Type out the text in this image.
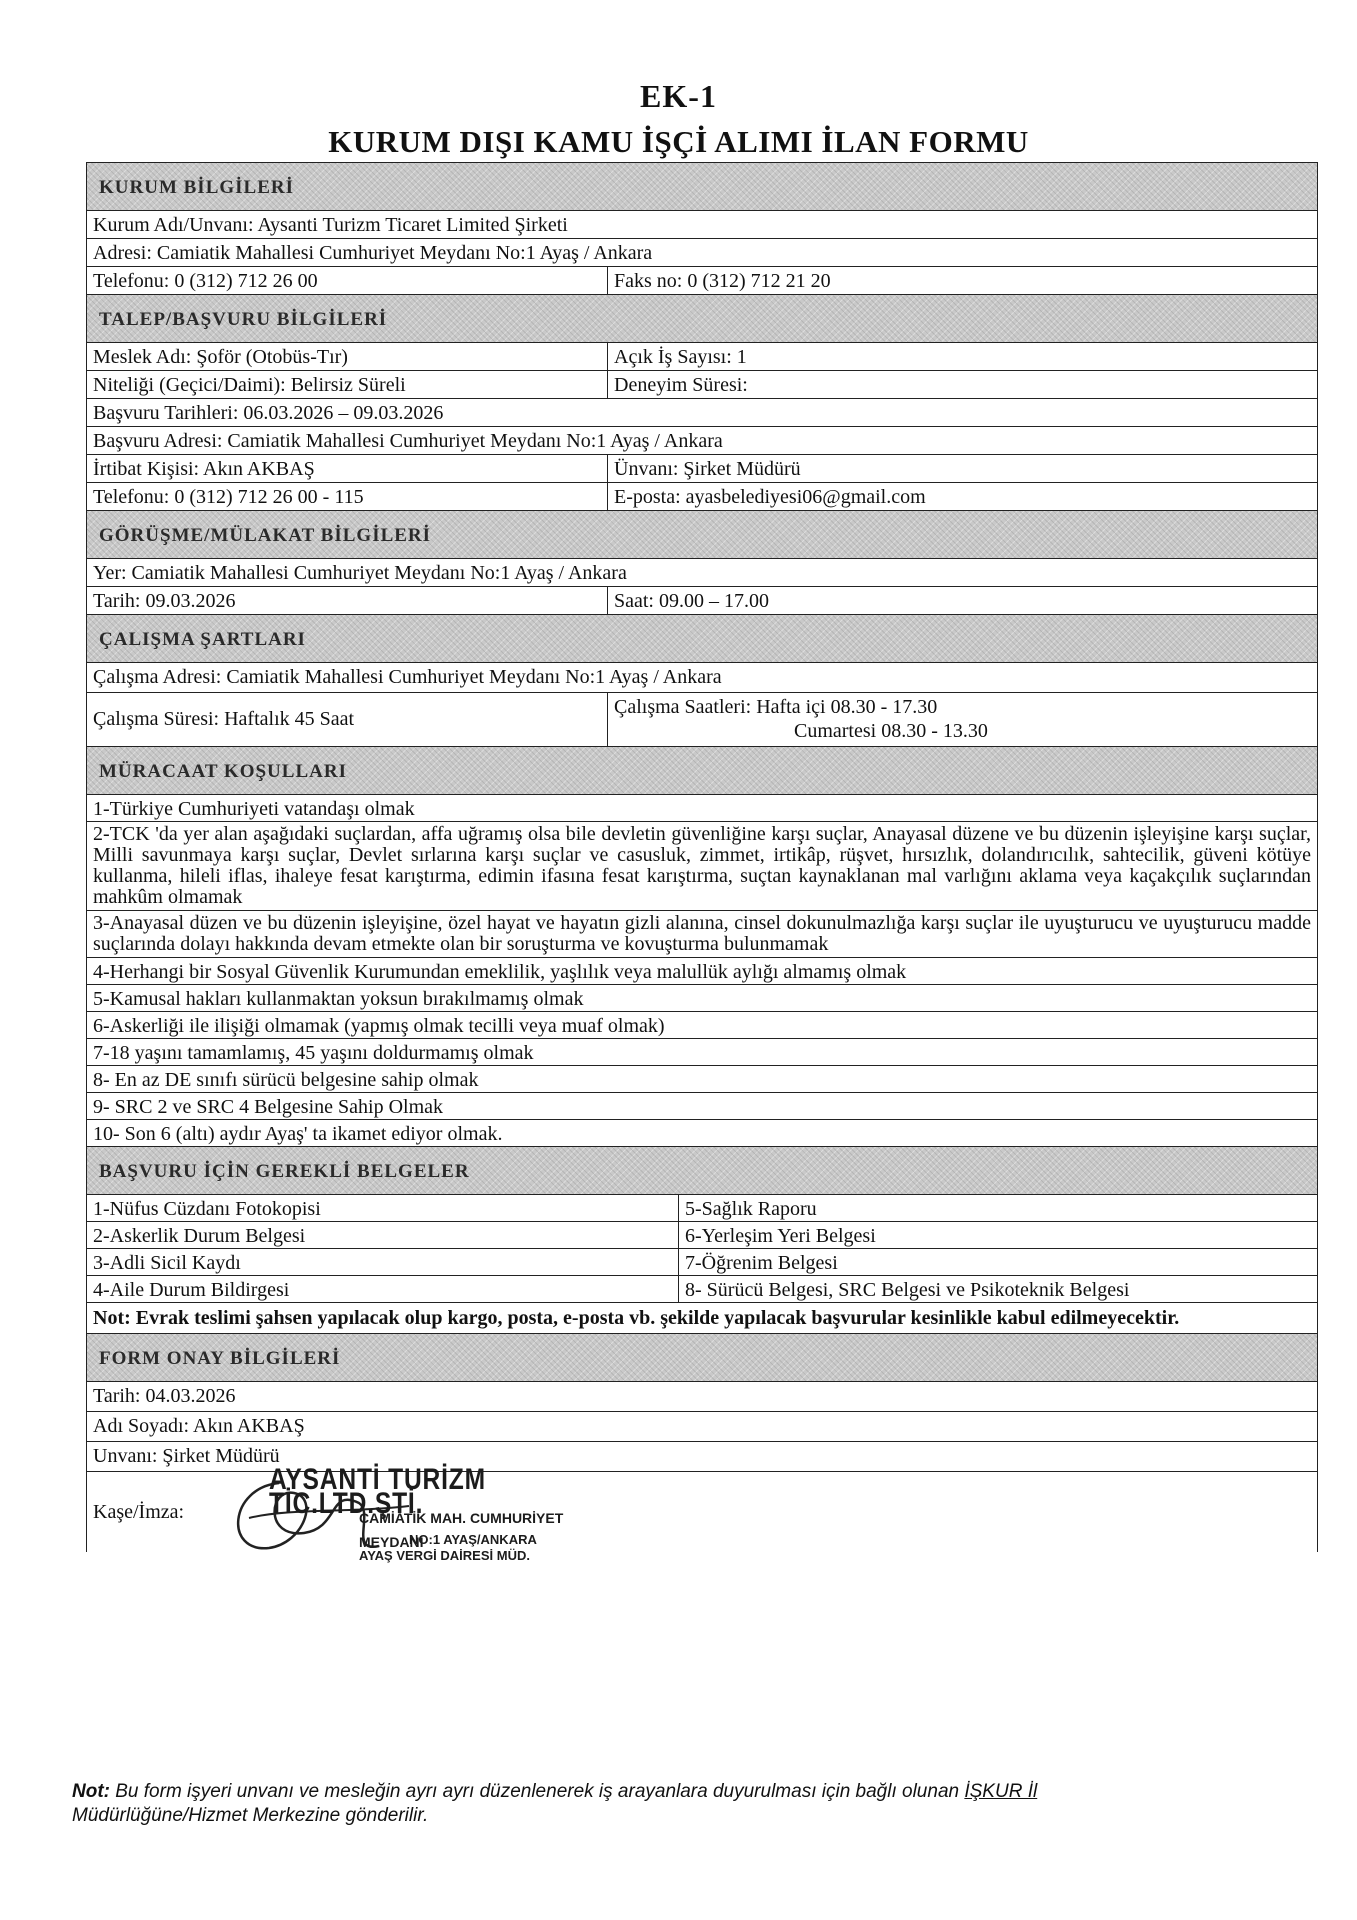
EK-1
KURUM DIŞI KAMU İŞÇİ ALIMI İLAN FORMU
KURUM BİLGİLERİ
Kurum Adı/Unvanı: Aysanti Turizm Ticaret Limited Şirketi
Adresi: Camiatik Mahallesi Cumhuriyet Meydanı No:1 Ayaş / Ankara
Telefonu: 0 (312) 712 26 00	Faks no: 0 (312) 712 21 20
TALEP/BAŞVURU BİLGİLERİ
Meslek Adı: Şoför (Otobüs-Tır)	Açık İş Sayısı: 1
Niteliği (Geçici/Daimi): Belirsiz Süreli	Deneyim Süresi:
Başvuru Tarihleri: 06.03.2026 – 09.03.2026
Başvuru Adresi: Camiatik Mahallesi Cumhuriyet Meydanı No:1 Ayaş / Ankara
İrtibat Kişisi: Akın AKBAŞ	Ünvanı: Şirket Müdürü
Telefonu: 0 (312) 712 26 00 - 115	E-posta: ayasbelediyesi06@gmail.com
GÖRÜŞME/MÜLAKAT BİLGİLERİ
Yer: Camiatik Mahallesi Cumhuriyet Meydanı No:1 Ayaş / Ankara
Tarih: 09.03.2026	Saat: 09.00 – 17.00
ÇALIŞMA ŞARTLARI
Çalışma Adresi: Camiatik Mahallesi Cumhuriyet Meydanı No:1 Ayaş / Ankara
Çalışma Süresi: Haftalık 45 Saat
Çalışma Saatleri: Hafta içi 08.30 - 17.30
Cumartesi 08.30 - 13.30
MÜRACAAT KOŞULLARI
1-Türkiye Cumhuriyeti vatandaşı olmak
2-TCK 'da yer alan aşağıdaki suçlardan, affa uğramış olsa bile devletin güvenliğine karşı suçlar, Anayasal düzene ve bu düzenin işleyişine karşı suçlar, Milli savunmaya karşı suçlar, Devlet sırlarına karşı suçlar ve casusluk, zimmet, irtikâp, rüşvet, hırsızlık, dolandırıcılık, sahtecilik, güveni kötüye kullanma, hileli iflas, ihaleye fesat karıştırma, edimin ifasına fesat karıştırma, suçtan kaynaklanan mal varlığını aklama veya kaçakçılık suçlarından mahkûm olmamak
3-Anayasal düzen ve bu düzenin işleyişine, özel hayat ve hayatın gizli alanına, cinsel dokunulmazlığa karşı suçlar ile uyuşturucu ve uyuşturucu madde suçlarında dolayı hakkında devam etmekte olan bir soruşturma ve kovuşturma bulunmamak
4-Herhangi bir Sosyal Güvenlik Kurumundan emeklilik, yaşlılık veya malullük aylığı almamış olmak
5-Kamusal hakları kullanmaktan yoksun bırakılmamış olmak
6-Askerliği ile ilişiği olmamak (yapmış olmak tecilli veya muaf olmak)
7-18 yaşını tamamlamış, 45 yaşını doldurmamış olmak
8- En az DE sınıfı sürücü belgesine sahip olmak
9- SRC 2 ve SRC 4 Belgesine Sahip Olmak
10- Son 6 (altı) aydır Ayaş' ta ikamet ediyor olmak.
BAŞVURU İÇİN GEREKLİ BELGELER
1-Nüfus Cüzdanı Fotokopisi	5-Sağlık Raporu
2-Askerlik Durum Belgesi	6-Yerleşim Yeri Belgesi
3-Adli Sicil Kaydı	7-Öğrenim Belgesi
4-Aile Durum Bildirgesi	8- Sürücü Belgesi, SRC Belgesi ve Psikoteknik Belgesi
Not: Evrak teslimi şahsen yapılacak olup kargo, posta, e-posta vb. şekilde yapılacak başvurular kesinlikle kabul edilmeyecektir.
FORM ONAY BİLGİLERİ
Tarih: 04.03.2026
Adı Soyadı: Akın AKBAŞ
Unvanı: Şirket Müdürü
Kaşe/İmza:
AYSANTİ TURİZM TİC.LTD.ŞTİ.
CAMİATİK MAH. CUMHURİYET MEYDANI
NO:1 AYAŞ/ANKARA
AYAŞ VERGİ DAİRESİ MÜD.
Not: Bu form işyeri unvanı ve mesleğin ayrı ayrı düzenlenerek iş arayanlara duyurulması için bağlı olunan İŞKUR İl
Müdürlüğüne/Hizmet Merkezine gönderilir.
